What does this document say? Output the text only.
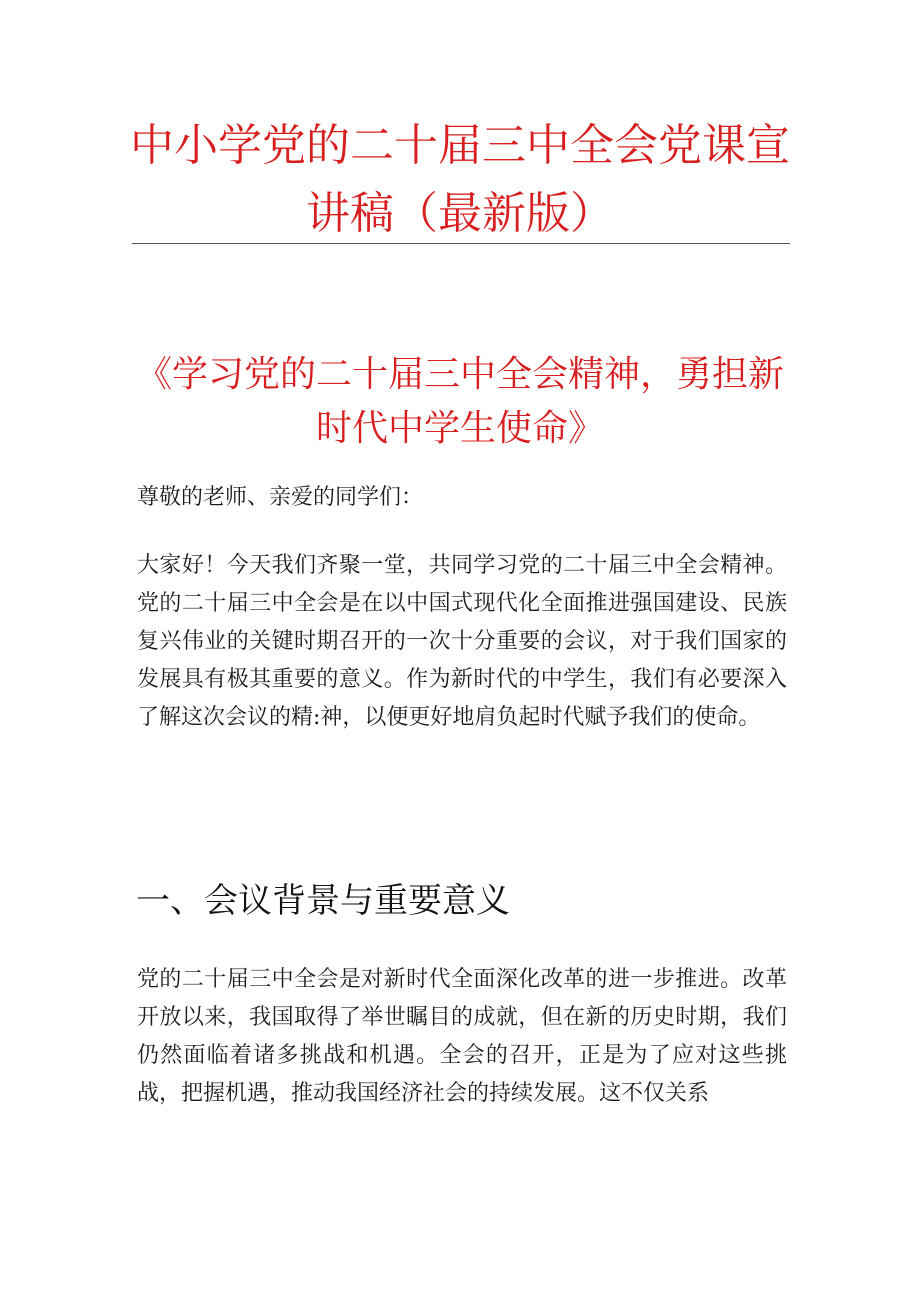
中小学党的二十届三中全会党课宣讲稿（最新版）
《学习党的二十届三中全会精神，勇担新时代中学生使命》

尊敬的老师、亲爱的同学们：

大家好！今天我们齐聚一堂，共同学习党的二十届三中全会精神。党的二十届三中全会是在以中国式现代化全面推进强国建设、民族复兴伟业的关键时期召开的一次十分重要的会议，对于我们国家的发展具有极其重要的意义。作为新时代的中学生，我们有必要深入了解这次会议的精:神，以便更好地肩负起时代赋予我们的使命。

一、会议背景与重要意义

党的二十届三中全会是对新时代全面深化改革的进一步推进。改革开放以来，我国取得了举世瞩目的成就，但在新的历史时期，我们仍然面临着诸多挑战和机遇。全会的召开，正是为了应对这些挑战，把握机遇，推动我国经济社会的持续发展。这不仅关系
